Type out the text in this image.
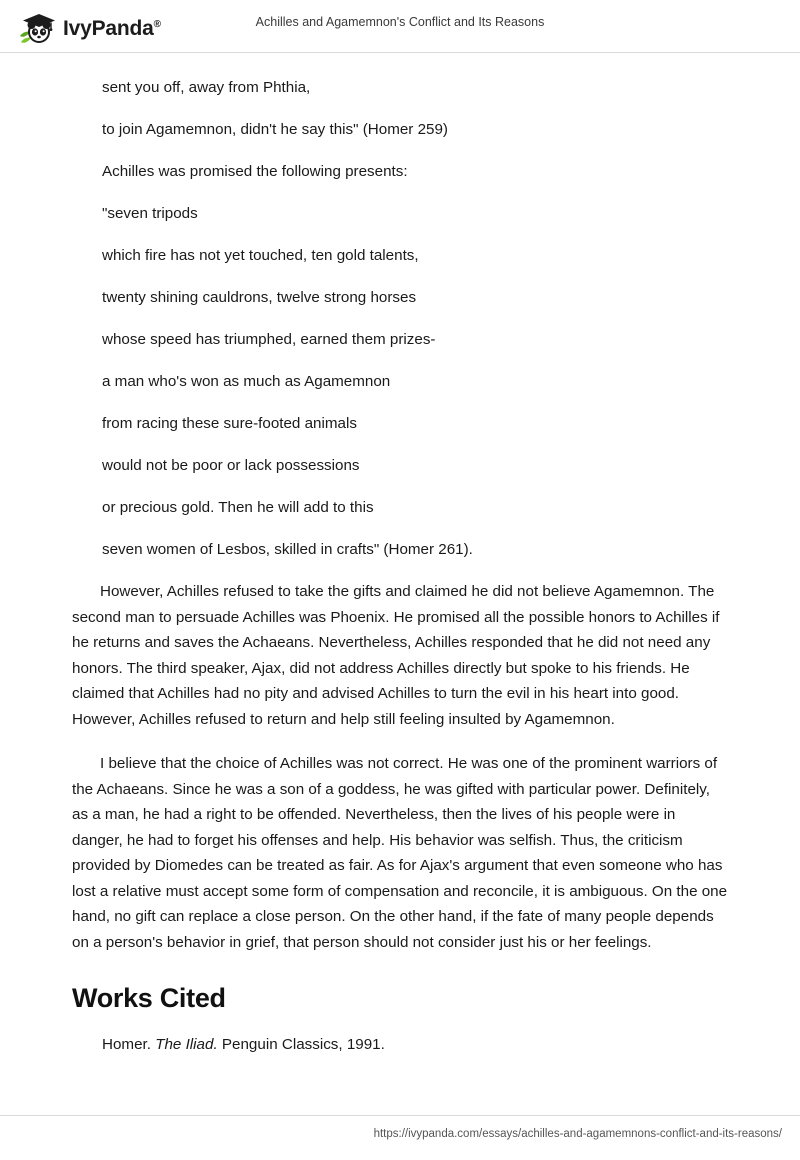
IvyPanda®	Achilles and Agamemnon's Conflict and Its Reasons

sent you off, away from Phthia,

to join Agamemnon, didn't he say this" (Homer 259)

Achilles was promised the following presents:

"seven tripods

which fire has not yet touched, ten gold talents,

twenty shining cauldrons, twelve strong horses

whose speed has triumphed, earned them prizes-

a man who's won as much as Agamemnon

from racing these sure-footed animals

would not be poor or lack possessions

or precious gold. Then he will add to this

seven women of Lesbos, skilled in crafts" (Homer 261).

However, Achilles refused to take the gifts and claimed he did not believe Agamemnon. The second man to persuade Achilles was Phoenix. He promised all the possible honors to Achilles if he returns and saves the Achaeans. Nevertheless, Achilles responded that he did not need any honors. The third speaker, Ajax, did not address Achilles directly but spoke to his friends. He claimed that Achilles had no pity and advised Achilles to turn the evil in his heart into good. However, Achilles refused to return and help still feeling insulted by Agamemnon.

I believe that the choice of Achilles was not correct. He was one of the prominent warriors of the Achaeans. Since he was a son of a goddess, he was gifted with particular power. Definitely, as a man, he had a right to be offended. Nevertheless, then the lives of his people were in danger, he had to forget his offenses and help. His behavior was selfish. Thus, the criticism provided by Diomedes can be treated as fair. As for Ajax's argument that even someone who has lost a relative must accept some form of compensation and reconcile, it is ambiguous. On the one hand, no gift can replace a close person. On the other hand, if the fate of many people depends on a person's behavior in grief, that person should not consider just his or her feelings.

Works Cited

Homer. The Iliad. Penguin Classics, 1991.

https://ivypanda.com/essays/achilles-and-agamemnons-conflict-and-its-reasons/
